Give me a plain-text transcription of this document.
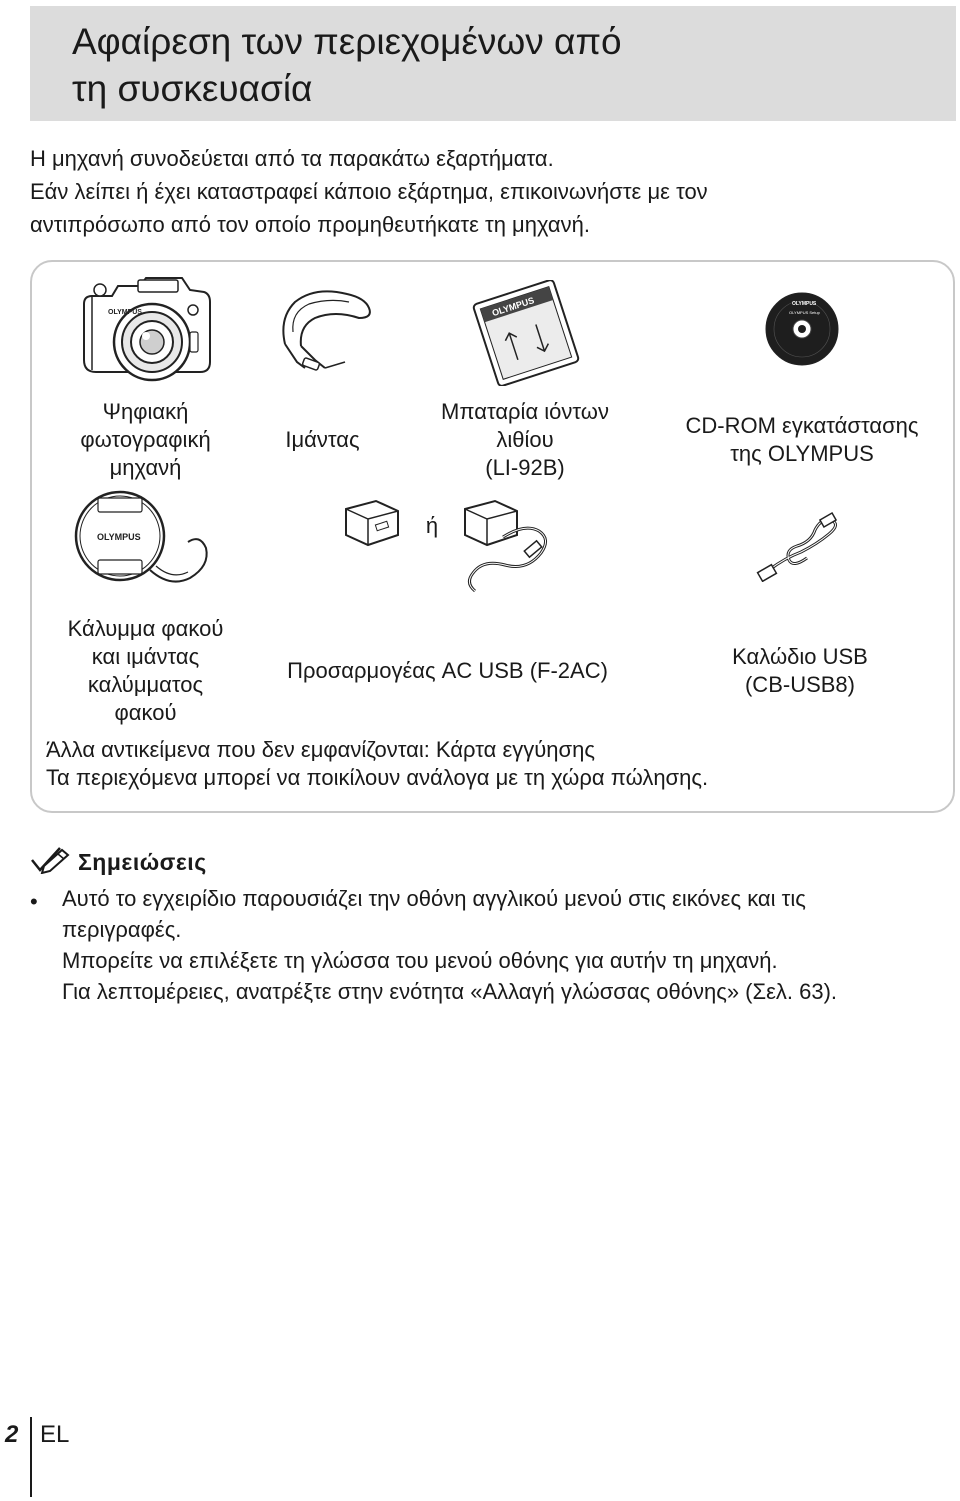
Αφαίρεση των περιεχομένων από
τη συσκευασία
Η μηχανή συνοδεύεται από τα παρακάτω εξαρτήματα.
Εάν λείπει ή έχει καταστραφεί κάποιο εξάρτημα, επικοινωνήστε με τον
αντιπρόσωπο από τον οποίο προμηθευτήκατε τη μηχανή.
OLYMPUS	OLYMPUS	OLYMPUS
OLYMPUS Setup
Ψηφιακή
φωτογραφική
μηχανή
Ιμάντας
Μπαταρία ιόντων
λιθίου
(LI-92B)
CD-ROM εγκατάστασης
της OLYMPUS
OLYMPUS	ή
Κάλυμμα φακού
και ιμάντας
καλύμματος
φακού
Προσαρμογέας AC USB (F-2AC)
Καλώδιο USB
(CB-USB8)
Άλλα αντικείμενα που δεν εμφανίζονται: Κάρτα εγγύησης
Τα περιεχόμενα μπορεί να ποικίλουν ανάλογα με τη χώρα πώλησης.
Σημειώσεις
• Αυτό το εγχειρίδιο παρουσιάζει την οθόνη αγγλικού μενού στις εικόνες και τις
περιγραφές.
Μπορείτε να επιλέξετε τη γλώσσα του μενού οθόνης για αυτήν τη μηχανή.
Για λεπτομέρειες, ανατρέξτε στην ενότητα «Αλλαγή γλώσσας οθόνης» (Σελ. 63).
2 EL
